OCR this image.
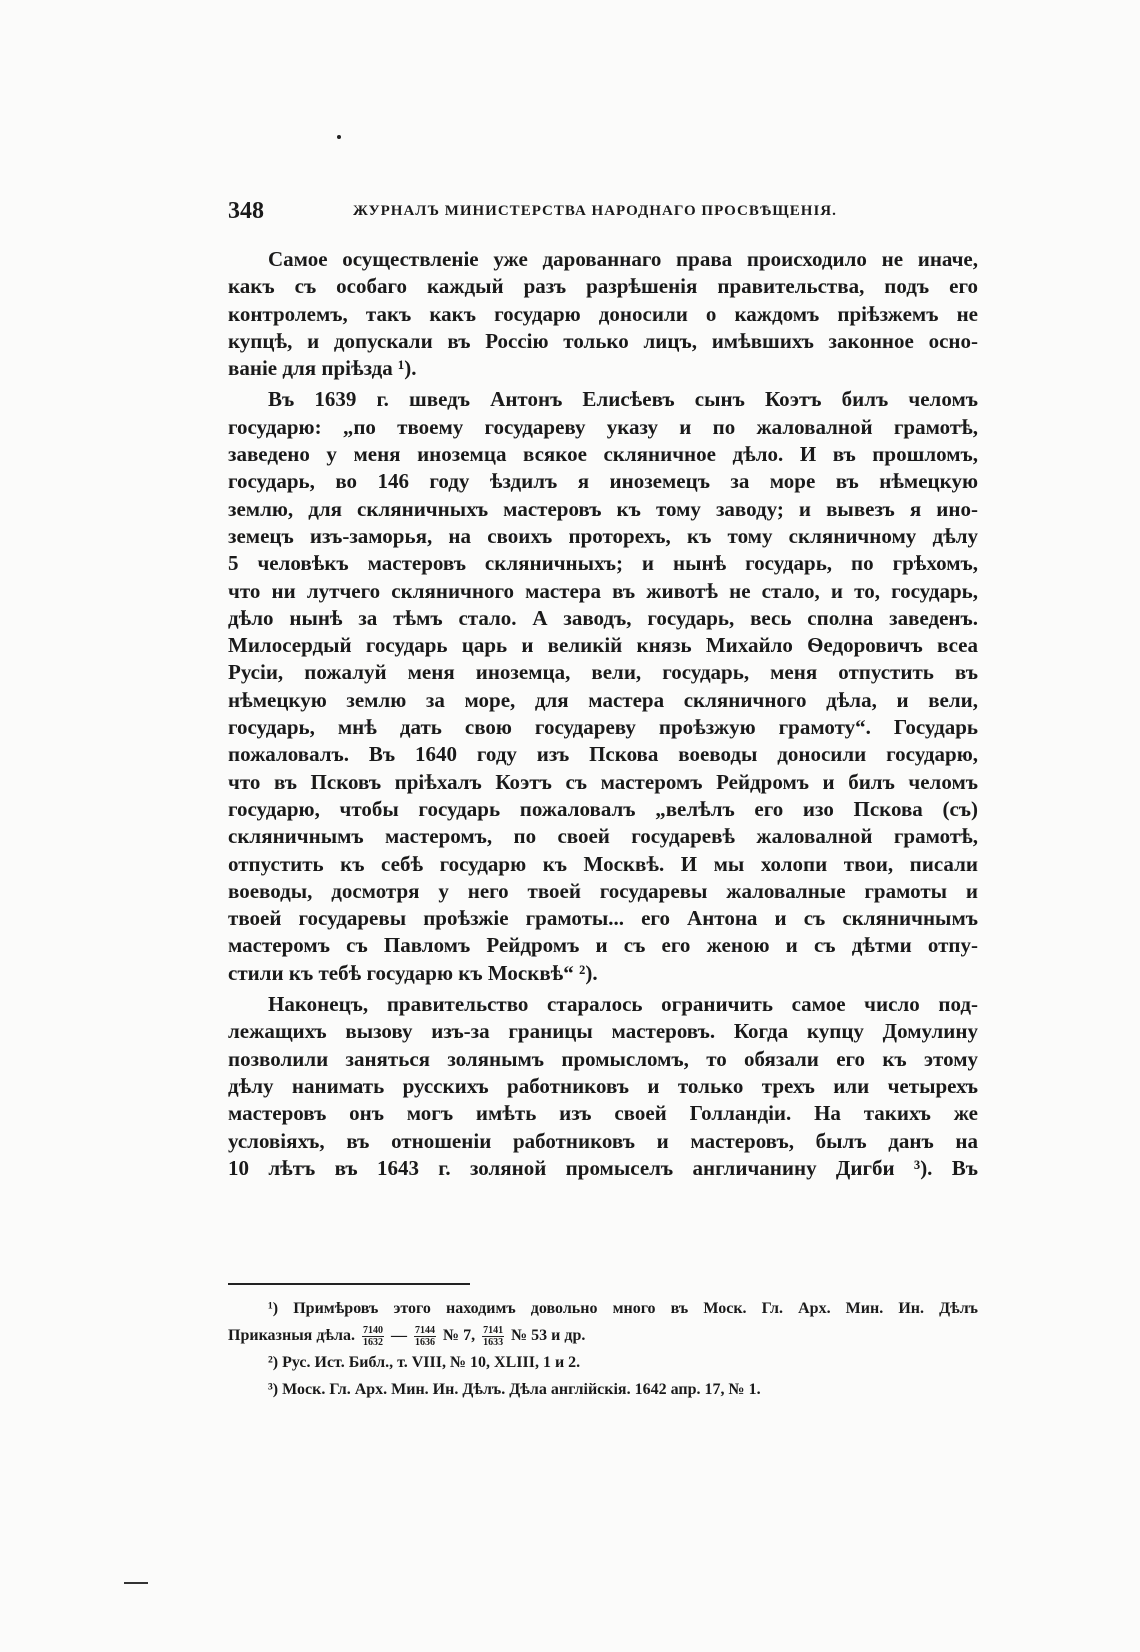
348	ЖУРНАЛЪ МИНИСТЕРСТВА НАРОДНАГО ПРОСВѢЩЕНІЯ.

Самое осуществленіе уже дарованнаго права происходило не иначе,
какъ съ особаго каждый разъ разрѣшенія правительства, подъ его
контролемъ, такъ какъ государю доносили о каждомъ пріѣзжемъ не
купцѣ, и допускали въ Россію только лицъ, имѣвшихъ законное осно-
ваніе для пріѣзда ¹).

Въ 1639 г. шведъ Антонъ Елисѣевъ сынъ Коэтъ билъ челомъ
государю: „по твоему государеву указу и по жаловалной грамотѣ,
заведено у меня иноземца всякое скляничное дѣло. И въ прошломъ,
государь, во 146 году ѣздилъ я иноземецъ за море въ нѣмецкую
землю, для скляничныхъ мастеровъ къ тому заводу; и вывезъ я ино-
земецъ изъ-заморья, на своихъ проторехъ, къ тому скляничному дѣлу
5 человѣкъ мастеровъ скляничныхъ; и нынѣ государь, по грѣхомъ,
что ни лутчего скляничного мастера въ животѣ не стало, и то, государь,
дѣло нынѣ за тѣмъ стало. А заводъ, государь, весь сполна заведенъ.
Милосердый государь царь и великій князь Михайло Ѳедоровичъ всеа
Русіи, пожалуй меня иноземца, вели, государь, меня отпустить въ
нѣмецкую землю за море, для мастера скляничного дѣла, и вели,
государь, мнѣ дать свою государеву проѣзжую грамоту“. Государь
пожаловалъ. Въ 1640 году изъ Пскова воеводы доносили государю,
что въ Псковъ пріѣхалъ Коэтъ съ мастеромъ Рейдромъ и билъ челомъ
государю, чтобы государь пожаловалъ „велѣлъ его изо Пскова (съ)
скляничнымъ мастеромъ, по своей государевѣ жаловалной грамотѣ,
отпустить къ себѣ государю къ Москвѣ. И мы холопи твои, писали
воеводы, досмотря у него твоей государевы жаловалные грамоты и
твоей государевы проѣзжіе грамоты... его Антона и съ скляничнымъ
мастеромъ съ Павломъ Рейдромъ и съ его женою и съ дѣтми отпу-
стили къ тебѣ государю къ Москвѣ“ ²).

Наконецъ, правительство старалось ограничить самое число под-
лежащихъ вызову изъ-за границы мастеровъ. Когда купцу Домулину
позволили заняться золянымъ промысломъ, то обязали его къ этому
дѣлу нанимать русскихъ работниковъ и только трехъ или четырехъ
мастеровъ онъ могъ имѣть изъ своей Голландіи. На такихъ же
условіяхъ, въ отношеніи работниковъ и мастеровъ, былъ данъ на
10 лѣтъ въ 1643 г. золяной промыселъ англичанину Дигби ³). Въ

¹) Примѣровъ этого находимъ довольно много въ Моск. Гл. Арх. Мин. Ин. Дѣлъ
Приказныя дѣла. $\frac{7140}{1632}$ — $\frac{7144}{1636}$ № 7, $\frac{7141}{1633}$ № 53 и др.
²) Рус. Ист. Библ., т. VIII, № 10, XLIII, 1 и 2.
³) Моск. Гл. Арх. Мин. Ин. Дѣлъ. Дѣла англійскія. 1642 апр. 17, № 1.
